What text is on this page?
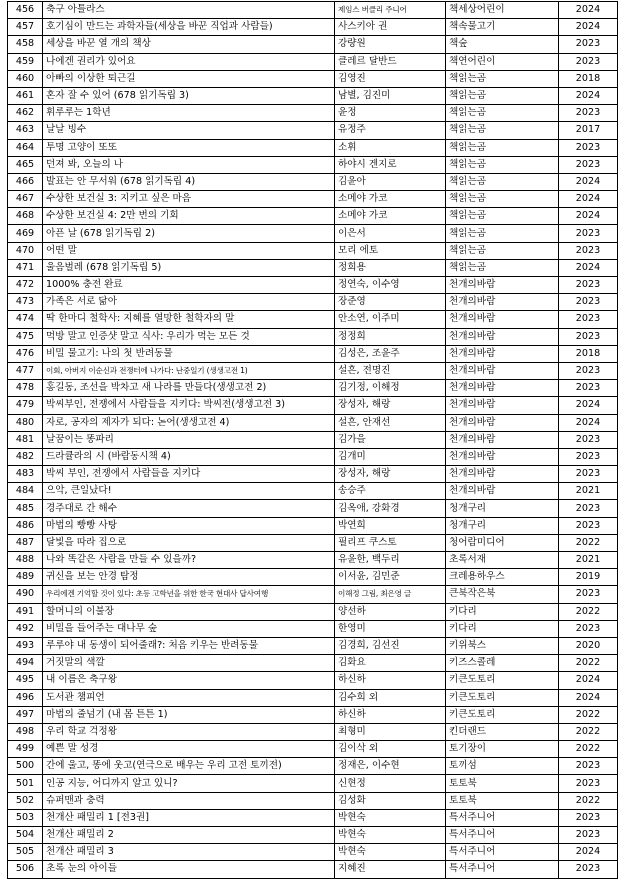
456	축구 아틀라스	제임스 버클리 주니어	책세상어린이	2024
457	호기심이 만드는 과학자들(세상을 바꾼 직업과 사람들)	사스키아 권	책속물고기	2024
458	세상을 바꾼 열 개의 책상	강량원	책숲	2023
459	나에겐 권리가 있어요	클레르 달반드	책연어린이	2023
460	아빠의 이상한 퇴근길	김영진	책읽는곰	2018
461	혼자 잘 수 있어 (678 읽기독립 3)	남별, 김진미	책읽는곰	2024
462	휘루루는 1학년	윤정	책읽는곰	2023
463	날날 빙수	유정주	책읽는곰	2017
464	투명 고양이 또또	소휘	책읽는곰	2023
465	던져 봐, 오늘의 나	하야시 겐지로	책읽는곰	2023
466	발표는 안 무서워 (678 읽기독립 4)	김윤아	책읽는곰	2024
467	수상한 보건실 3: 지키고 싶은 마음	소메야 가코	책읽는곰	2024
468	수상한 보건실 4: 2만 번의 기회	소메야 가코	책읽는곰	2024
469	아픈 날 (678 읽기독립 2)	이은서	책읽는곰	2023
470	어떤 말	모리 에토	책읽는곰	2023
471	울음벌레 (678 읽기독립 5)	정희용	책읽는곰	2024
472	1000% 충전 완료	정연숙, 이수영	천개의바람	2023
473	가족은 서로 닮아	장준영	천개의바람	2023
474	딱 한마디 철학사: 지혜를 열망한 철학자의 말	안소연, 이주미	천개의바람	2023
475	먹방 말고 인증샷 말고 식사: 우리가 먹는 모든 것	정정희	천개의바람	2023
476	비밀 물고기: 나의 첫 반려동물	김성은, 조윤주	천개의바람	2018
477	이회, 아버지 이순신과 전쟁터에 나가다: 난중일기 (생생고전 1)	설흔, 전명진	천개의바람	2023
478	홍길동, 조선을 박차고 새 나라를 만들다(생생고전 2)	김기정, 이해정	천개의바람	2023
479	박씨부인, 전쟁에서 사람들을 지키다: 박씨전(생생고전 3)	장성자, 해랑	천개의바람	2024
480	자로, 공자의 제자가 되다: 논어(생생고전 4)	설흔, 안재선	천개의바람	2024
481	날꿈이는 똥파리	김가을	천개의바람	2023
482	드라큘라의 시 (바람동시책 4)	김개미	천개의바람	2023
483	박씨 부인, 전쟁에서 사람들을 지키다	장성자, 해랑	천개의바람	2023
484	으악, 큰일났다!	송승주	천개의바람	2021
485	경주대로 간 해수	김옥애, 강화경	청개구리	2023
486	마법의 빵빵 사탕	박연희	청개구리	2023
487	달빛을 따라 집으로	필리프 쿠스토	청어람미디어	2022
488	나와 똑같은 사람을 만들 수 있을까?	유윤한, 백두리	초록서재	2021
489	귀신을 보는 안경 탐정	이서윤, 김민준	크레용하우스	2019
490	우리에겐 기억할 것이 있다: 초등 고학년을 위한 한국 현대사 답사여행	이해정 그림, 최은영 글	큰북작은북	2023
491	할머니의 이불장	양선하	키다리	2022
492	비밀을 들어주는 대나무 숲	한영미	키다리	2023
493	루루야 내 동생이 되어줄래?: 처음 키우는 반려동물	김경희, 김선진	키위북스	2020
494	거짓말의 색깔	김화요	키즈스콜레	2022
495	내 이름은 축구왕	하신하	키큰도토리	2024
496	도서관 챔피언	김수희 외	키큰도토리	2024
497	마법의 줄넘기 (내 몸 튼튼 1)	하신하	키큰도토리	2022
498	우리 학교 걱정왕	최형미	킨더랜드	2022
499	예쁜 말 성경	김이삭 외	토기장이	2022
500	간에 울고, 똥에 웃고(연극으로 배우는 우리 고전 토끼전)	정재은, 이수현	토끼섬	2023
501	인공 지능, 어디까지 알고 있니?	신현정	토토북	2023
502	슈퍼맨과 충력	김성화	토토북	2022
503	천개산 패밀리 1 [전3권]	박현숙	특서주니어	2023
504	천개산 패밀리 2	박현숙	특서주니어	2023
505	천개산 패밀리 3	박현숙	특서주니어	2024
506	초록 눈의 아이들	지혜진	특서주니어	2023
